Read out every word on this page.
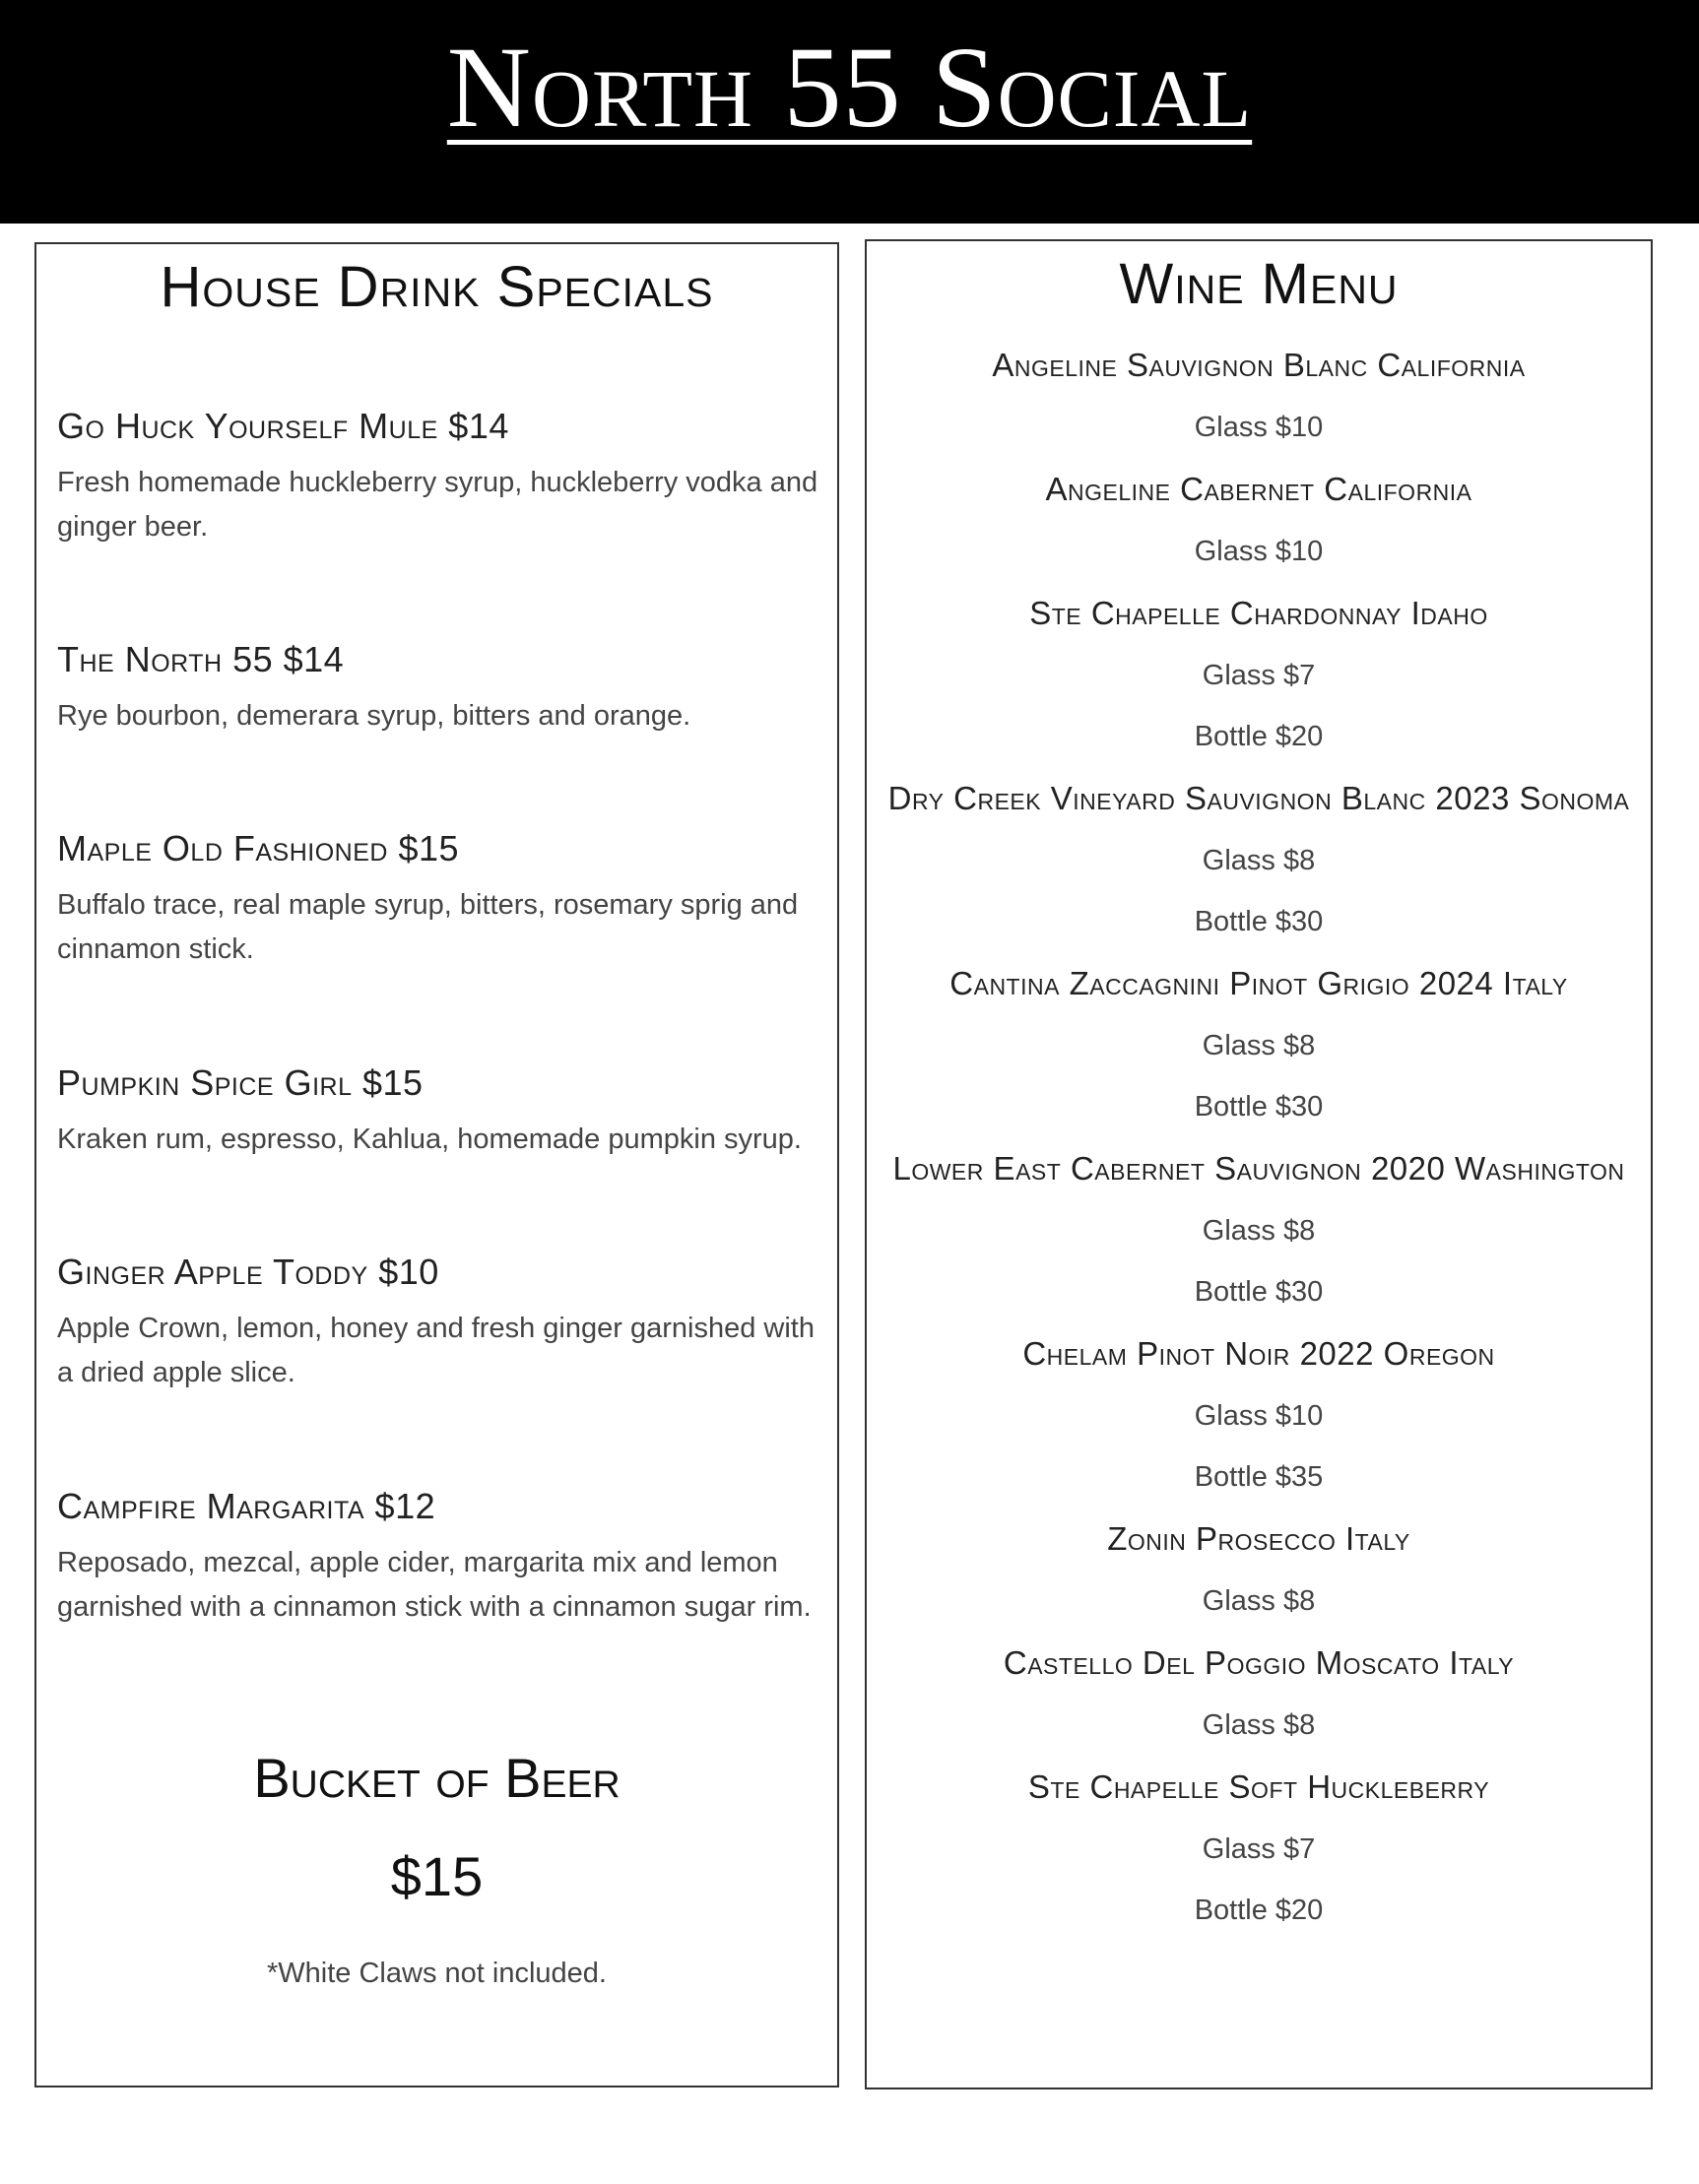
North 55 Social
House Drink Specials

Go Huck Yourself Mule $14

Fresh homemade huckleberry syrup, huckleberry vodka and ginger beer.

The North 55 $14

Rye bourbon, demerara syrup, bitters and orange.

Maple Old Fashioned $15

Buffalo trace, real maple syrup, bitters, rosemary sprig and cinnamon stick.

Pumpkin Spice Girl $15

Kraken rum, espresso, Kahlua, homemade pumpkin syrup.

Ginger Apple Toddy $10

Apple Crown, lemon, honey and fresh ginger garnished with a dried apple slice.

Campfire Margarita $12

Reposado, mezcal, apple cider, margarita mix and lemon garnished with a cinnamon stick with a cinnamon sugar rim.

Bucket of Beer
$15
*White Claws not included.
Wine Menu

Angeline Sauvignon Blanc California

Glass $10

Angeline Cabernet California

Glass $10

Ste Chapelle Chardonnay Idaho

Glass $7

Bottle $20

Dry Creek Vineyard Sauvignon Blanc 2023 Sonoma

Glass $8

Bottle $30

Cantina Zaccagnini Pinot Grigio 2024 Italy

Glass $8

Bottle $30

Lower East Cabernet Sauvignon 2020 Washington

Glass $8

Bottle $30

Chelam Pinot Noir 2022 Oregon

Glass $10

Bottle $35

Zonin Prosecco Italy

Glass $8

Castello Del Poggio Moscato Italy

Glass $8

Ste Chapelle Soft Huckleberry

Glass $7

Bottle $20
